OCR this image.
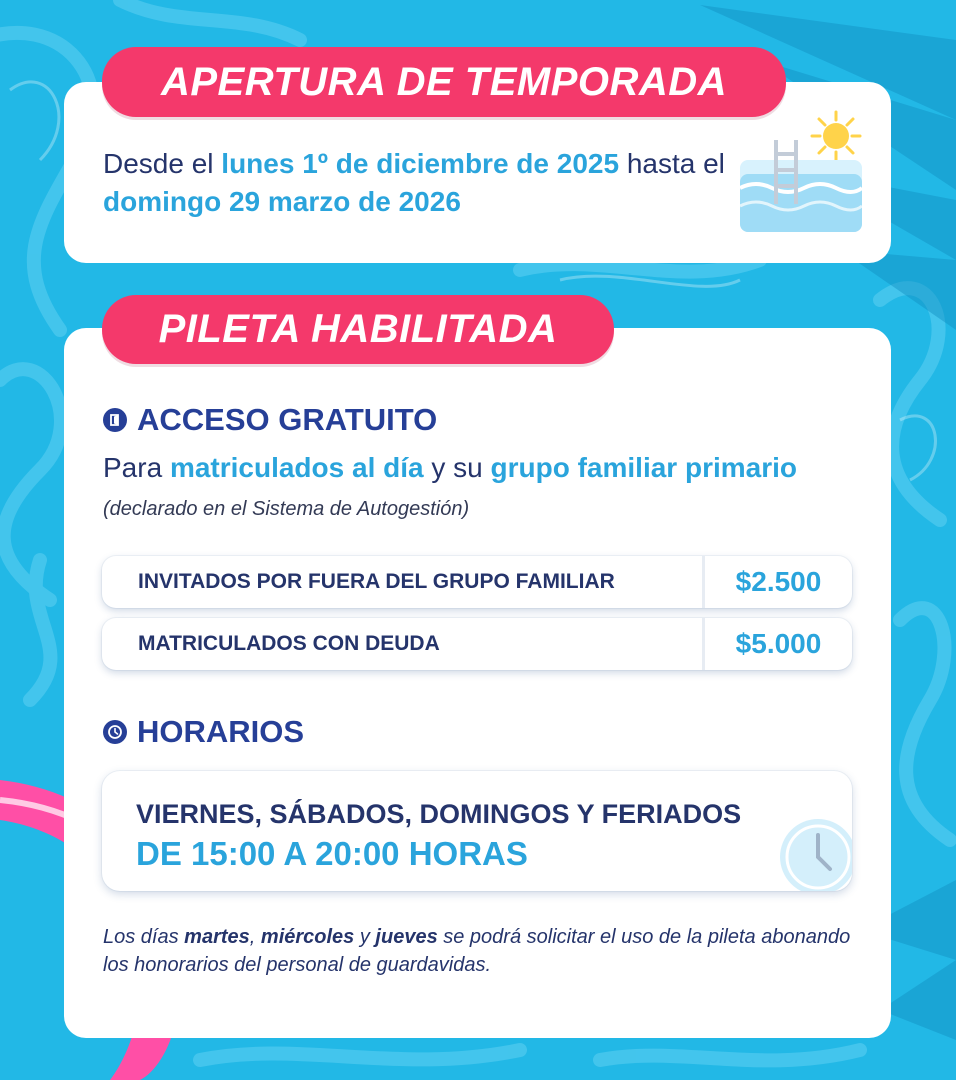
APERTURA DE TEMPORADA
Desde el lunes 1º de diciembre de 2025 hasta el domingo 29 marzo de 2026
PILETA HABILITADA
ACCESO GRATUITO
Para matriculados al día y su grupo familiar primario (declarado en el Sistema de Autogestión)
INVITADOS POR FUERA DEL GRUPO FAMILIAR	$2.500
MATRICULADOS CON DEUDA	$5.000
HORARIOS
VIERNES, SÁBADOS, DOMINGOS Y FERIADOS
DE 15:00 A 20:00 HORAS
Los días martes, miércoles y jueves se podrá solicitar el uso de la pileta abonando los honorarios del personal de guardavidas.
